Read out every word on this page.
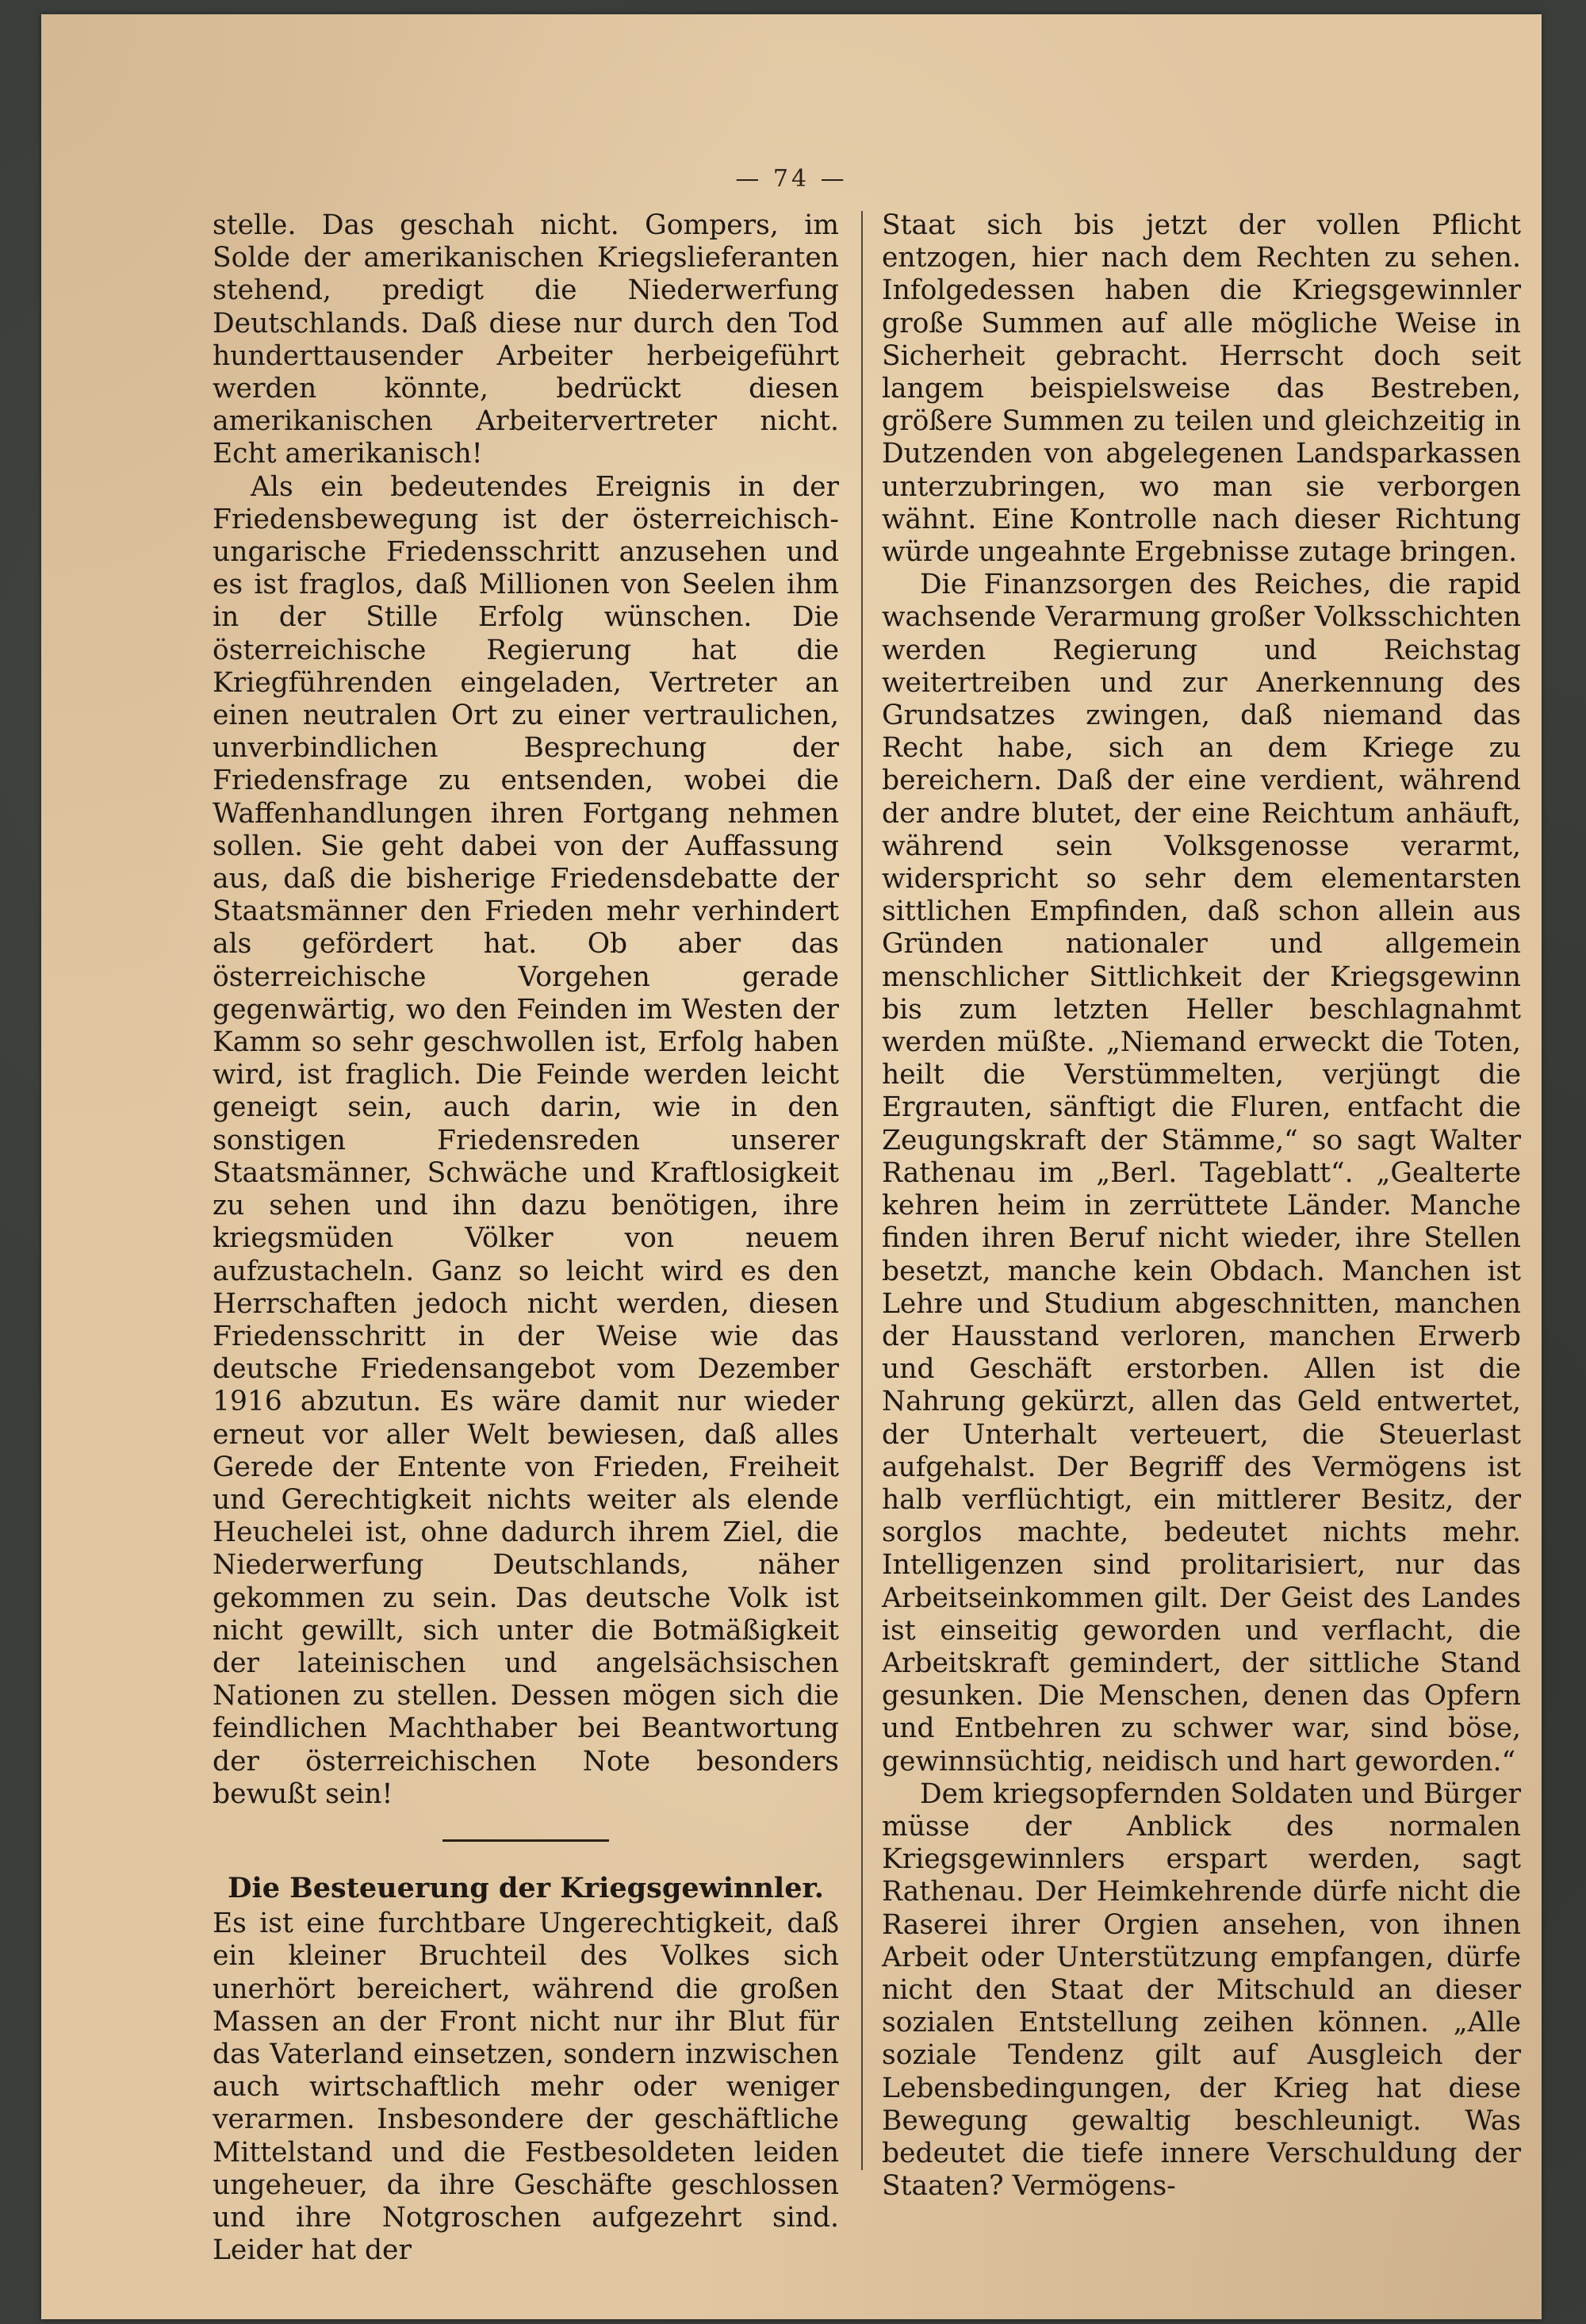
— 74 —

stelle. Das geschah nicht. Gompers, im Solde der amerikanischen Kriegslieferanten stehend, predigt die Niederwerfung Deutschlands. Daß diese nur durch den Tod hunderttausender Arbeiter herbeigeführt werden könnte, bedrückt diesen amerikanischen Arbeitervertreter nicht. Echt amerikanisch!

Als ein bedeutendes Ereignis in der Friedensbewegung ist der österreichisch-ungarische Friedensschritt anzusehen und es ist fraglos, daß Millionen von Seelen ihm in der Stille Erfolg wünschen. Die österreichische Regierung hat die Kriegführenden eingeladen, Vertreter an einen neutralen Ort zu einer vertraulichen, unverbindlichen Besprechung der Friedensfrage zu entsenden, wobei die Waffenhandlungen ihren Fortgang nehmen sollen. Sie geht dabei von der Auffassung aus, daß die bisherige Friedensdebatte der Staatsmänner den Frieden mehr verhindert als gefördert hat. Ob aber das österreichische Vorgehen gerade gegenwärtig, wo den Feinden im Westen der Kamm so sehr geschwollen ist, Erfolg haben wird, ist fraglich. Die Feinde werden leicht geneigt sein, auch darin, wie in den sonstigen Friedensreden unserer Staatsmänner, Schwäche und Kraftlosigkeit zu sehen und ihn dazu benötigen, ihre kriegsmüden Völker von neuem aufzustacheln. Ganz so leicht wird es den Herrschaften jedoch nicht werden, diesen Friedensschritt in der Weise wie das deutsche Friedensangebot vom Dezember 1916 abzutun. Es wäre damit nur wieder erneut vor aller Welt bewiesen, daß alles Gerede der Entente von Frieden, Freiheit und Gerechtigkeit nichts weiter als elende Heuchelei ist, ohne dadurch ihrem Ziel, die Niederwerfung Deutschlands, näher gekommen zu sein. Das deutsche Volk ist nicht gewillt, sich unter die Botmäßigkeit der lateinischen und angelsächsischen Nationen zu stellen. Dessen mögen sich die feindlichen Machthaber bei Beantwortung der österreichischen Note besonders bewußt sein!

Die Besteuerung der Kriegsgewinnler.

Es ist eine furchtbare Ungerechtigkeit, daß ein kleiner Bruchteil des Volkes sich unerhört bereichert, während die großen Massen an der Front nicht nur ihr Blut für das Vaterland einsetzen, sondern inzwischen auch wirtschaftlich mehr oder weniger verarmen. Insbesondere der geschäftliche Mittelstand und die Festbesoldeten leiden ungeheuer, da ihre Geschäfte geschlossen und ihre Notgroschen aufgezehrt sind. Leider hat der

Staat sich bis jetzt der vollen Pflicht entzogen, hier nach dem Rechten zu sehen. Infolgedessen haben die Kriegsgewinnler große Summen auf alle mögliche Weise in Sicherheit gebracht. Herrscht doch seit langem beispielsweise das Bestreben, größere Summen zu teilen und gleichzeitig in Dutzenden von abgelegenen Landsparkassen unterzubringen, wo man sie verborgen wähnt. Eine Kontrolle nach dieser Richtung würde ungeahnte Ergebnisse zutage bringen.

Die Finanzsorgen des Reiches, die rapid wachsende Verarmung großer Volksschichten werden Regierung und Reichstag weitertreiben und zur Anerkennung des Grundsatzes zwingen, daß niemand das Recht habe, sich an dem Kriege zu bereichern. Daß der eine verdient, während der andre blutet, der eine Reichtum anhäuft, während sein Volksgenosse verarmt, widerspricht so sehr dem elementarsten sittlichen Empfinden, daß schon allein aus Gründen nationaler und allgemein menschlicher Sittlichkeit der Kriegsgewinn bis zum letzten Heller beschlagnahmt werden müßte. „Niemand erweckt die Toten, heilt die Verstümmelten, verjüngt die Ergrauten, sänftigt die Fluren, entfacht die Zeugungskraft der Stämme,“ so sagt Walter Rathenau im „Berl. Tageblatt“. „Gealterte kehren heim in zerrüttete Länder. Manche finden ihren Beruf nicht wieder, ihre Stellen besetzt, manche kein Obdach. Manchen ist Lehre und Studium abgeschnitten, manchen der Hausstand verloren, manchen Erwerb und Geschäft erstorben. Allen ist die Nahrung gekürzt, allen das Geld entwertet, der Unterhalt verteuert, die Steuerlast aufgehalst. Der Begriff des Vermögens ist halb verflüchtigt, ein mittlerer Besitz, der sorglos machte, bedeutet nichts mehr. Intelligenzen sind prolitarisiert, nur das Arbeitseinkommen gilt. Der Geist des Landes ist einseitig geworden und verflacht, die Arbeitskraft gemindert, der sittliche Stand gesunken. Die Menschen, denen das Opfern und Entbehren zu schwer war, sind böse, gewinnsüchtig, neidisch und hart geworden.“

Dem kriegsopfernden Soldaten und Bürger müsse der Anblick des normalen Kriegsgewinnlers erspart werden, sagt Rathenau. Der Heimkehrende dürfe nicht die Raserei ihrer Orgien ansehen, von ihnen Arbeit oder Unterstützung empfangen, dürfe nicht den Staat der Mitschuld an dieser sozialen Entstellung zeihen können. „Alle soziale Tendenz gilt auf Ausgleich der Lebensbedingungen, der Krieg hat diese Bewegung gewaltig beschleunigt. Was bedeutet die tiefe innere Verschuldung der Staaten? Vermögens-
